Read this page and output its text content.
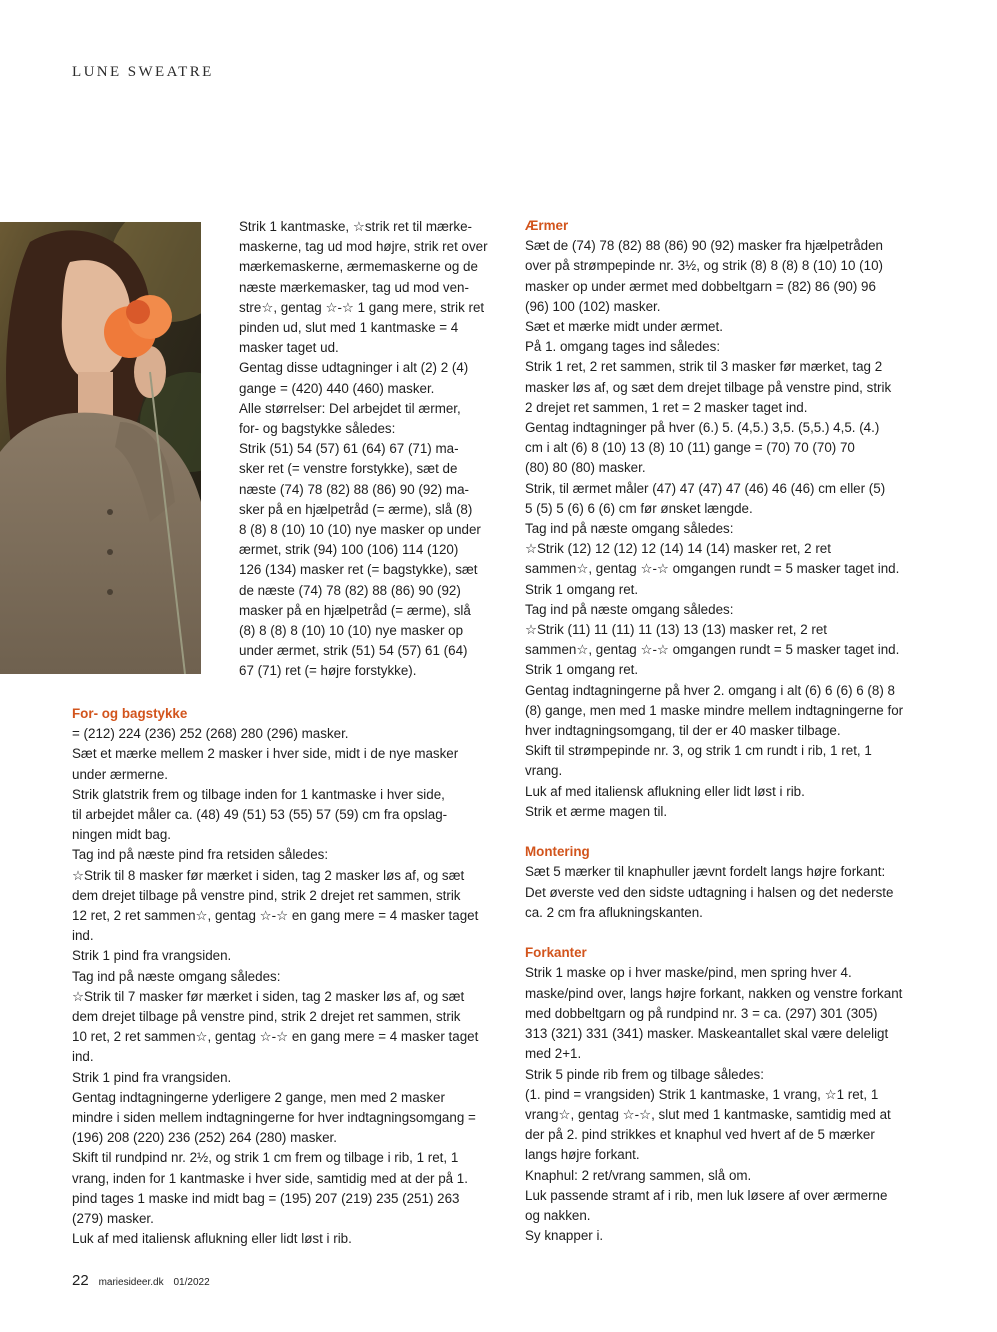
LUNE SWEATRE

Strik 1 kantmaske, ☆strik ret til mærke-

maskerne, tag ud mod højre, strik ret over

mærkemaskerne, ærmemaskerne og de

næste mærkemasker, tag ud mod ven-

stre☆, gentag ☆-☆ 1 gang mere, strik ret

pinden ud, slut med 1 kantmaske = 4

masker taget ud.

Gentag disse udtagninger i alt (2) 2 (4)

gange = (420) 440 (460) masker.

Alle størrelser: Del arbejdet til ærmer,

for- og bagstykke således:

Strik (51) 54 (57) 61 (64) 67 (71) ma-

sker ret (= venstre forstykke), sæt de

næste (74) 78 (82) 88 (86) 90 (92) ma-

sker på en hjælpetråd (= ærme), slå (8)

8 (8) 8 (10) 10 (10) nye masker op under

ærmet, strik (94) 100 (106) 114 (120)

126 (134) masker ret (= bagstykke), sæt

de næste (74) 78 (82) 88 (86) 90 (92)

masker på en hjælpetråd (= ærme), slå

(8) 8 (8) 8 (10) 10 (10) nye masker op

under ærmet, strik (51) 54 (57) 61 (64)

67 (71) ret (= højre forstykke).

For- og bagstykke

= (212) 224 (236) 252 (268) 280 (296) masker.

Sæt et mærke mellem 2 masker i hver side, midt i de nye masker

under ærmerne.

Strik glatstrik frem og tilbage inden for 1 kantmaske i hver side,

til arbejdet måler ca. (48) 49 (51) 53 (55) 57 (59) cm fra opslag-

ningen midt bag.

Tag ind på næste pind fra retsiden således:

☆Strik til 8 masker før mærket i siden, tag 2 masker løs af, og sæt

dem drejet tilbage på venstre pind, strik 2 drejet ret sammen, strik

12 ret, 2 ret sammen☆, gentag ☆-☆ en gang mere = 4 masker taget

ind.

Strik 1 pind fra vrangsiden.

Tag ind på næste omgang således:

☆Strik til 7 masker før mærket i siden, tag 2 masker løs af, og sæt

dem drejet tilbage på venstre pind, strik 2 drejet ret sammen, strik

10 ret, 2 ret sammen☆, gentag ☆-☆ en gang mere = 4 masker taget

ind.

Strik 1 pind fra vrangsiden.

Gentag indtagningerne yderligere 2 gange, men med 2 masker

mindre i siden mellem indtagningerne for hver indtagningsomgang =

(196) 208 (220) 236 (252) 264 (280) masker.

Skift til rundpind nr. 2½, og strik 1 cm frem og tilbage i rib, 1 ret, 1

vrang, inden for 1 kantmaske i hver side, samtidig med at der på 1.

pind tages 1 maske ind midt bag = (195) 207 (219) 235 (251) 263

(279) masker.

Luk af med italiensk aflukning eller lidt løst i rib.

Ærmer

Sæt de (74) 78 (82) 88 (86) 90 (92) masker fra hjælpetråden

over på strømpepinde nr. 3½, og strik (8) 8 (8) 8 (10) 10 (10)

masker op under ærmet med dobbeltgarn = (82) 86 (90) 96

(96) 100 (102) masker.

Sæt et mærke midt under ærmet.

På 1. omgang tages ind således:

Strik 1 ret, 2 ret sammen, strik til 3 masker før mærket, tag 2

masker løs af, og sæt dem drejet tilbage på venstre pind, strik

2 drejet ret sammen, 1 ret = 2 masker taget ind.

Gentag indtagninger på hver (6.) 5. (4,5.) 3,5. (5,5.) 4,5. (4.)

cm i alt (6) 8 (10) 13 (8) 10 (11) gange = (70) 70 (70) 70

(80) 80 (80) masker.

Strik, til ærmet måler (47) 47 (47) 47 (46) 46 (46) cm eller (5)

5 (5) 5 (6) 6 (6) cm før ønsket længde.

Tag ind på næste omgang således:

☆Strik (12) 12 (12) 12 (14) 14 (14) masker ret, 2 ret

sammen☆, gentag ☆-☆ omgangen rundt = 5 masker taget ind.

Strik 1 omgang ret.

Tag ind på næste omgang således:

☆Strik (11) 11 (11) 11 (13) 13 (13) masker ret, 2 ret

sammen☆, gentag ☆-☆ omgangen rundt = 5 masker taget ind.

Strik 1 omgang ret.

Gentag indtagningerne på hver 2. omgang i alt (6) 6 (6) 6 (8) 8

(8) gange, men med 1 maske mindre mellem indtagningerne for

hver indtagningsomgang, til der er 40 masker tilbage.

Skift til strømpepinde nr. 3, og strik 1 cm rundt i rib, 1 ret, 1

vrang.

Luk af med italiensk aflukning eller lidt løst i rib.

Strik et ærme magen til.

Montering

Sæt 5 mærker til knaphuller jævnt fordelt langs højre forkant:

Det øverste ved den sidste udtagning i halsen og det nederste

ca. 2 cm fra aflukningskanten.

Forkanter

Strik 1 maske op i hver maske/pind, men spring hver 4.

maske/pind over, langs højre forkant, nakken og venstre forkant

med dobbeltgarn og på rundpind nr. 3 = ca. (297) 301 (305)

313 (321) 331 (341) masker. Maskeantallet skal være deleligt

med 2+1.

Strik 5 pinde rib frem og tilbage således:

(1. pind = vrangsiden) Strik 1 kantmaske, 1 vrang, ☆1 ret, 1

vrang☆, gentag ☆-☆, slut med 1 kantmaske, samtidig med at

der på 2. pind strikkes et knaphul ved hvert af de 5 mærker

langs højre forkant.

Knaphul: 2 ret/vrang sammen, slå om.

Luk passende stramt af i rib, men luk løsere af over ærmerne

og nakken.

Sy knapper i.

22 mariesideer.dk 01/2022
